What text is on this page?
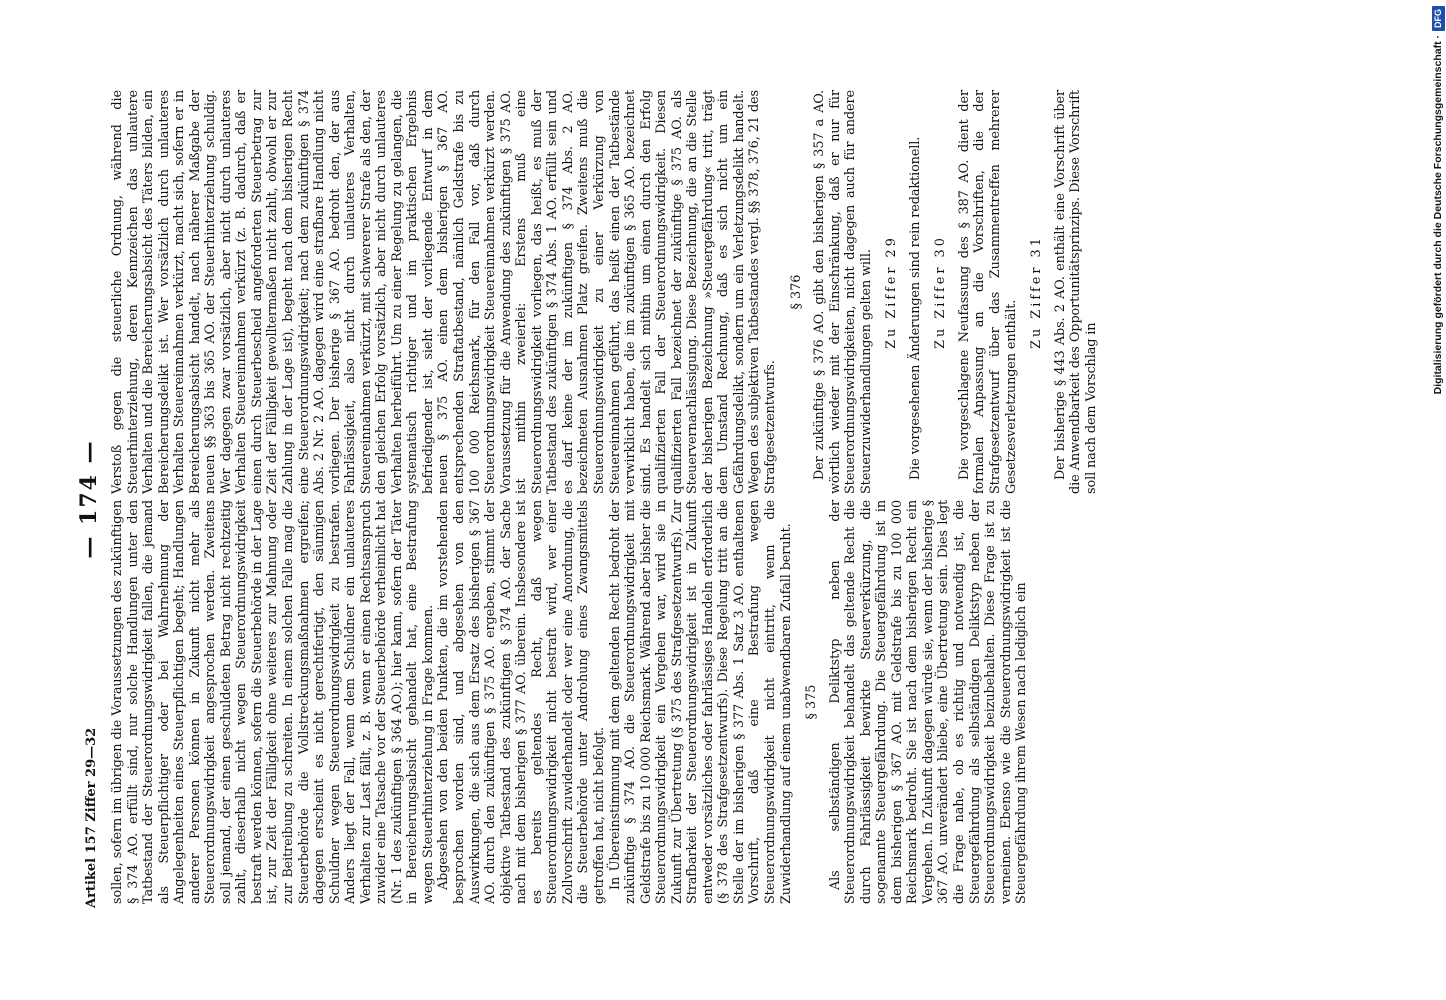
Artikel 157 Ziffer 29—32
— 174 —

sollen, sofern im übrigen die Voraussetzungen des zukünftigen § 374 AO. erfüllt sind, nur solche Handlungen unter den Tatbestand der Steuerordnungswidrigkeit fallen, die jemand als Steuerpflichtiger oder bei Wahrnehmung der Angelegenheiten eines Steuerpflichtigen begeht; Handlungen anderer Personen können in Zukunft nicht mehr als Steuerordnungswidrigkeit angesprochen werden. Zweitens soll jemand, der einen geschuldeten Betrag nicht rechtzeitig zahlt, dieserhalb nicht wegen Steuerordnungswidrigkeit bestraft werden können, sofern die Steuerbehörde in der Lage ist, zur Zeit der Fälligkeit ohne weiteres zur Mahnung oder zur Beitreibung zu schreiten. In einem solchen Falle mag die Steuerbehörde die Vollstreckungsmaßnahmen ergreifen; dagegen erscheint es nicht gerechtfertigt, den säumigen Schuldner wegen Steuerordnungswidrigkeit zu bestrafen. Anders liegt der Fall, wenn dem Schuldner ein unlauteres Verhalten zur Last fällt, z. B. wenn er einen Rechtsanspruch zuwider eine Tatsache vor der Steuerbehörde verheimlicht hat (Nr. 1 des zukünftigen § 364 AO.); hier kann, sofern der Täter in Bereicherungsabsicht gehandelt hat, eine Bestrafung wegen Steuerhinterziehung in Frage kommen. Abgesehen von den beiden Punkten, die im vorstehenden besprochen worden sind, und abgesehen von den Auswirkungen, die sich aus dem Ersatz des bisherigen § 367 AO. durch den zukünftigen § 375 AO. ergeben, stimmt der objektive Tatbestand des zukünftigen § 374 AO. der Sache nach mit dem bisherigen § 377 AO. überein. Insbesondere ist es bereits geltendes Recht, daß wegen Steuerordnungswidrigkeit nicht bestraft wird, wer einer Zollvorschrift zuwiderhandelt oder wer eine Anordnung, die die Steuerbehörde unter Androhung eines Zwangsmittels getroffen hat, nicht befolgt. In Übereinstimmung mit dem geltenden Recht bedroht der zukünftige § 374 AO. die Steuerordnungswidrigkeit mit Geldstrafe bis zu 10 000 Reichsmark. Während aber bisher die Steuerordnungswidrigkeit ein Vergehen war, wird sie in Zukunft zur Übertretung (§ 375 des Strafgesetzentwurfs). Zur Strafbarkeit der Steuerordnungswidrigkeit ist in Zukunft entweder vorsätzliches oder fahrlässiges Handeln erforderlich (§ 378 des Strafgesetzentwurfs). Diese Regelung tritt an die Stelle der im bisherigen § 377 Abs. 1 Satz 3 AO. enthaltenen Vorschrift, daß eine Bestrafung wegen Steuerordnungswidrigkeit nicht eintritt, wenn die Zuwiderhandlung auf einem unabwendbaren Zufall beruht. § 375 Als selbständigen Deliktstyp neben der Steuerordnungswidrigkeit behandelt das geltende Recht die durch Fahrlässigkeit bewirkte Steuerverkürzung, die sogenannte Steuergefährdung. Die Steuergefährdung ist in dem bisherigen § 367 AO. mit Geldstrafe bis zu 100 000 Reichsmark bedroht. Sie ist nach dem bisherigen Recht ein Vergehen. In Zukunft dagegen würde sie, wenn der bisherige § 367 AO. unverändert bliebe, eine Übertretung sein. Dies legt die Frage nahe, ob es richtig und notwendig ist, die Steuergefährdung als selbständigen Deliktstyp neben der Steuerordnungswidrigkeit beizubehalten. Diese Frage ist zu verneinen. Ebenso wie die Steuerordnungswidrigkeit ist die Steuergefährdung ihrem Wesen nach lediglich ein

Verstoß gegen die steuerliche Ordnung, während die Steuerhinterziehung, deren Kennzeichen das unlautere Verhalten und die Bereicherungsabsicht des Täters bilden, ein Bereicherungsdelikt ist. Wer vorsätzlich durch unlauteres Verhalten Steuereinnahmen verkürzt, macht sich, sofern er in Bereicherungsabsicht handelt, nach näherer Maßgabe der neuen §§ 363 bis 365 AO. der Steuerhinterziehung schuldig. Wer dagegen zwar vorsätzlich, aber nicht durch unlauteres Verhalten Steuereinnahmen verkürzt (z. B. dadurch, daß er einen durch Steuerbescheid angeforderten Steuerbetrag zur Zeit der Fälligkeit gewolltermaßen nicht zahlt, obwohl er zur Zahlung in der Lage ist), begeht nach dem bisherigen Recht eine Steuerordnungswidrigkeit; nach dem zukünftigen § 374 Abs. 2 Nr. 2 AO. dagegen wird eine strafbare Handlung nicht vorliegen. Der bisherige § 367 AO. bedroht den, der aus Fahrlässigkeit, also nicht durch unlauteres Verhalten, Steuereinnahmen verkürzt, mit schwererer Strafe als den, der den gleichen Erfolg vorsätzlich, aber nicht durch unlauteres Verhalten herbeiführt. Um zu einer Regelung zu gelangen, die systematisch richtiger und im praktischen Ergebnis befriedigender ist, sieht der vorliegende Entwurf in dem neuen § 375 AO. einen dem bisherigen § 367 AO. entsprechenden Straftatbestand, nämlich Geldstrafe bis zu 100 000 Reichsmark, für den Fall vor, daß durch Steuerordnungswidrigkeit Steuereinnahmen verkürzt werden. Voraussetzung für die Anwendung des zukünftigen § 375 AO. ist mithin zweierlei: Erstens muß eine Steuerordnungswidrigkeit vorliegen, das heißt, es muß der Tatbestand des zukünftigen § 374 Abs. 1 AO. erfüllt sein und es darf keine der im zukünftigen § 374 Abs. 2 AO. bezeichneten Ausnahmen Platz greifen. Zweitens muß die Steuerordnungswidrigkeit zu einer Verkürzung von Steuereinnahmen geführt, das heißt einen der Tatbestände verwirklicht haben, die im zukünftigen § 365 AO. bezeichnet sind. Es handelt sich mithin um einen durch den Erfolg qualifizierten Fall der Steuerordnungswidrigkeit. Diesen qualifizierten Fall bezeichnet der zukünftige § 375 AO. als Steuervernachlässigung. Diese Bezeichnung, die an die Stelle der bisherigen Bezeichnung »Steuergefährdung« tritt, trägt dem Umstand Rechnung, daß es sich nicht um ein Gefährdungsdelikt, sondern um ein Verletzungsdelikt handelt. Wegen des subjektiven Tatbestandes vergl. §§ 378, 376, 21 des Strafgesetzentwurfs.

§ 376 Der zukünftige § 376 AO. gibt den bisherigen § 357 a AO. wörtlich wieder mit der Einschränkung, daß er nur für Steuerordnungswidrigkeiten, nicht dagegen auch für andere Steuerzuwiderhandlungen gelten will. Zu Ziffer 29 Die vorgesehenen Änderungen sind rein redaktionell. Zu Ziffer 30 Die vorgeschlagene Neufassung des § 387 AO. dient der formalen Anpassung an die Vorschriften, die der Strafgesetzentwurf über das Zusammentreffen mehrerer Gesetzesverletzungen enthält.

Zu Ziffer 31 Der bisherige § 443 Abs. 2 AO. enthält eine Vorschrift über die Anwendbarkeit des Opportunitätsprinzips. Diese Vorschrift soll nach dem Vorschlag in

Digitalisierung gefördert durch die Deutsche Forschungsgemeinschaft ·
DFG
